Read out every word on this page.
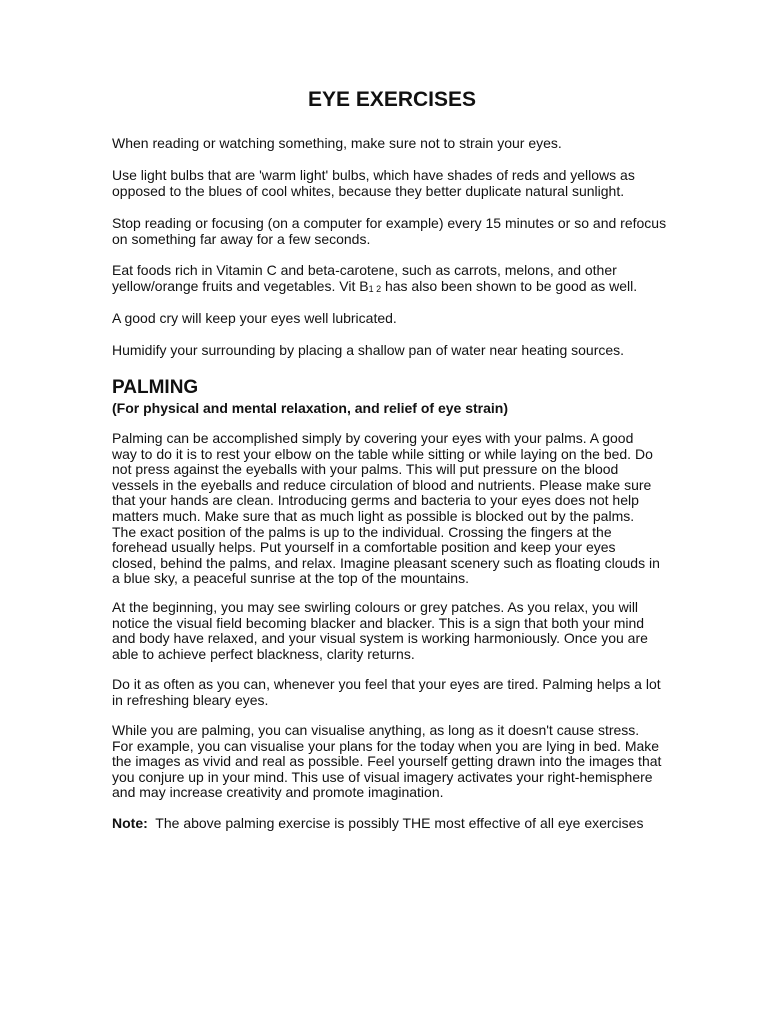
EYE EXERCISES

When reading or watching something, make sure not to strain your eyes.

Use light bulbs that are 'warm light' bulbs, which have shades of reds and yellows as
opposed to the blues of cool whites, because they better duplicate natural sunlight.

Stop reading or focusing (on a computer for example) every 15 minutes or so and refocus
on something far away for a few seconds.

Eat foods rich in Vitamin C and beta-carotene, such as carrots, melons, and other
yellow/orange fruits and vegetables. Vit B1 2 has also been shown to be good as well.

A good cry will keep your eyes well lubricated.

Humidify your surrounding by placing a shallow pan of water near heating sources.

PALMING

(For physical and mental relaxation, and relief of eye strain)

Palming can be accomplished simply by covering your eyes with your palms. A good
way to do it is to rest your elbow on the table while sitting or while laying on the bed. Do
not press against the eyeballs with your palms. This will put pressure on the blood
vessels in the eyeballs and reduce circulation of blood and nutrients. Please make sure
that your hands are clean. Introducing germs and bacteria to your eyes does not help
matters much. Make sure that as much light as possible is blocked out by the palms.
The exact position of the palms is up to the individual. Crossing the fingers at the
forehead usually helps. Put yourself in a comfortable position and keep your eyes
closed, behind the palms, and relax. Imagine pleasant scenery such as floating clouds in
a blue sky, a peaceful sunrise at the top of the mountains.

At the beginning, you may see swirling colours or grey patches. As you relax, you will
notice the visual field becoming blacker and blacker. This is a sign that both your mind
and body have relaxed, and your visual system is working harmoniously. Once you are
able to achieve perfect blackness, clarity returns.

Do it as often as you can, whenever you feel that your eyes are tired. Palming helps a lot
in refreshing bleary eyes.

While you are palming, you can visualise anything, as long as it doesn't cause stress.
For example, you can visualise your plans for the today when you are lying in bed. Make
the images as vivid and real as possible. Feel yourself getting drawn into the images that
you conjure up in your mind. This use of visual imagery activates your right-hemisphere
and may increase creativity and promote imagination.

Note:  The above palming exercise is possibly THE most effective of all eye exercises
